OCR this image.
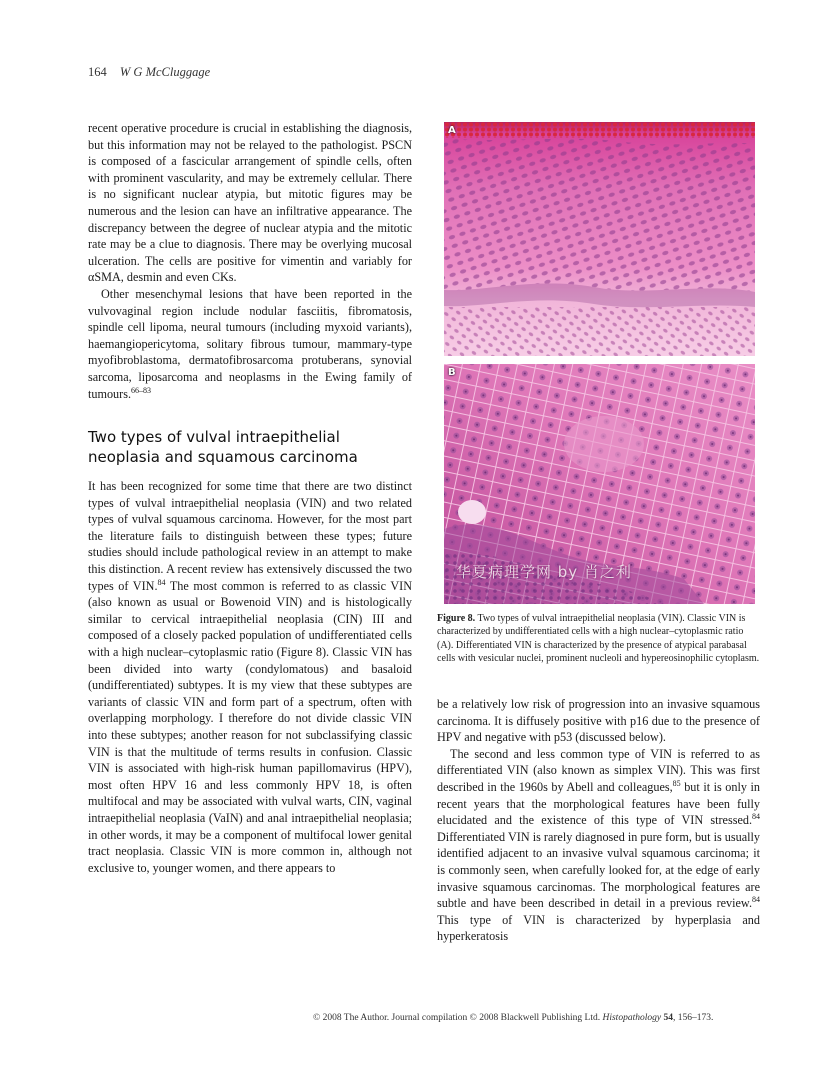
164 W G McCluggage

recent operative procedure is crucial in establishing the diagnosis, but this information may not be relayed to the pathologist. PSCN is composed of a fascicular arrangement of spindle cells, often with prominent vascularity, and may be extremely cellular. There is no significant nuclear atypia, but mitotic figures may be numerous and the lesion can have an infiltrative appearance. The discrepancy between the degree of nuclear atypia and the mitotic rate may be a clue to diagnosis. There may be overlying mucosal ulceration. The cells are positive for vimentin and variably for αSMA, desmin and even CKs.

Other mesenchymal lesions that have been reported in the vulvovaginal region include nodular fasciitis, fibromatosis, spindle cell lipoma, neural tumours (including myxoid variants), haemangiopericytoma, solitary fibrous tumour, mammary-type myofibroblastoma, dermatofibrosarcoma protuberans, synovial sarcoma, liposarcoma and neoplasms in the Ewing family of tumours.$^{66-83}$

Two types of vulval intraepithelial neoplasia and squamous carcinoma

It has been recognized for some time that there are two distinct types of vulval intraepithelial neoplasia (VIN) and two related types of vulval squamous carcinoma. However, for the most part the literature fails to distinguish between these types; future studies should include pathological review in an attempt to make this distinction. A recent review has extensively discussed the two types of VIN.$^{84}$ The most common is referred to as classic VIN (also known as usual or Bowenoid VIN) and is histologically similar to cervical intraepithelial neoplasia (CIN) III and composed of a closely packed population of undifferentiated cells with a high nuclear–cytoplasmic ratio (Figure 8). Classic VIN has been divided into warty (condylomatous) and basaloid (undifferentiated) subtypes. It is my view that these subtypes are variants of classic VIN and form part of a spectrum, often with overlapping morphology. I therefore do not divide classic VIN into these subtypes; another reason for not subclassifying classic VIN is that the multitude of terms results in confusion. Classic VIN is associated with high-risk human papillomavirus (HPV), most often HPV 16 and less commonly HPV 18, is often multifocal and may be associated with vulval warts, CIN, vaginal intraepithelial neoplasia (VaIN) and anal intraepithelial neoplasia; in other words, it may be a component of multifocal lower genital tract neoplasia. Classic VIN is more common in, although not exclusive to, younger women, and there appears to

A
B
华夏病理学网 by 肖之利
Figure 8. Two types of vulval intraepithelial neoplasia (VIN). Classic VIN is characterized by undifferentiated cells with a high nuclear–cytoplasmic ratio (A). Differentiated VIN is characterized by the presence of atypical parabasal cells with vesicular nuclei, prominent nucleoli and hypereosinophilic cytoplasm.

be a relatively low risk of progression into an invasive squamous carcinoma. It is diffusely positive with p16 due to the presence of HPV and negative with p53 (discussed below).

The second and less common type of VIN is referred to as differentiated VIN (also known as simplex VIN). This was first described in the 1960s by Abell and colleagues,$^{85}$ but it is only in recent years that the morphological features have been fully elucidated and the existence of this type of VIN stressed.$^{84}$ Differentiated VIN is rarely diagnosed in pure form, but is usually identified adjacent to an invasive vulval squamous carcinoma; it is commonly seen, when carefully looked for, at the edge of early invasive squamous carcinomas. The morphological features are subtle and have been described in detail in a previous review.$^{84}$ This type of VIN is characterized by hyperplasia and hyperkeratosis

© 2008 The Author. Journal compilation © 2008 Blackwell Publishing Ltd. Histopathology 54, 156–173.
